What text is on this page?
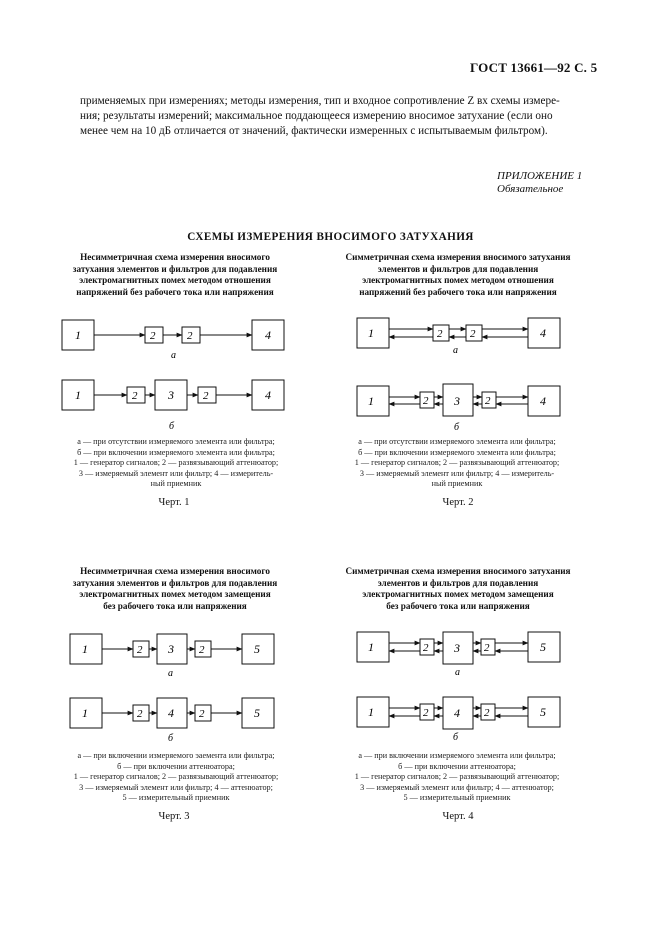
ГОСТ 13661—92 С. 5
применяемых при измерениях; методы измерения, тип и входное сопротивление Z вх схемы измере-
ния; результаты измерений; максимальное поддающееся измерению вносимое затухание (если оно
менее чем на 10 дБ отличается от значений, фактически измеренных с испытываемым фильтром).
ПРИЛОЖЕНИЕ 1
Обязательное
СХЕМЫ ИЗМЕРЕНИЯ ВНОСИМОГО ЗАТУХАНИЯ
Несимметричная схема измерения вносимого
затухания элементов и фильтров для подавления
электромагнитных помех методом отношения
напряжений без рабочего тока или напряжения
Симметричная схема измерения вносимого затухания
элементов и фильтров для подавления
электромагнитных помех методом отношения
напряжений без рабочего тока или напряжения
Несимметричная схема измерения вносимого
затухания элементов и фильтров для подавления
электромагнитных помех методом замещения
без рабочего тока или напряжения
Симметричная схема измерения вносимого затухания
элементов и фильтров для подавления
электромагнитных помех методом замещения
без рабочего тока или напряжения
1	2	2	4
а
1	2	3	2	4
б
1	2	2	4
а
1	2 3 2	4
б
1	2 3 2	5
а
1	2 4 2	5
б
1	2 3 2	5
а
1	2 4 2	5
б
а — при отсутствии измеряемого элемента или фильтра;
б — при включении измеряемого элемента или фильтра;
1 — генератор сигналов; 2 — развязывающий аттенюатор;
3 — измеряемый элемент или фильтр; 4 — измеритель-
ный приемник
а — при отсутствии измеряемого элемента или фильтра;
б — при включении измеряемого элемента или фильтра;
1 — генератор сигналов; 2 — развязывающий аттенюатор;
3 — измеряемый элемент или фильтр; 4 — измеритель-
ный приемник
а — при включении измеряемого эаемента или фильтра;
б — при включении аттенюатора;
1 — генератор сигналов; 2 — развязывающий аттенюатор;
3 — измеряемый элемент или фильтр; 4 — аттенюатор;
5 — измерительный приемник
а — при включении измеряемого элемента или фильтра;
б — при включении аттенюатора;
1 — генератор сигналов; 2 — развязывающий аттенюатор;
3 — измеряемый элемент или фильтр; 4 — аттенюатор;
5 — измерительный приемник
Черт. 1	Черт. 2
Черт. 3	Черт. 4
